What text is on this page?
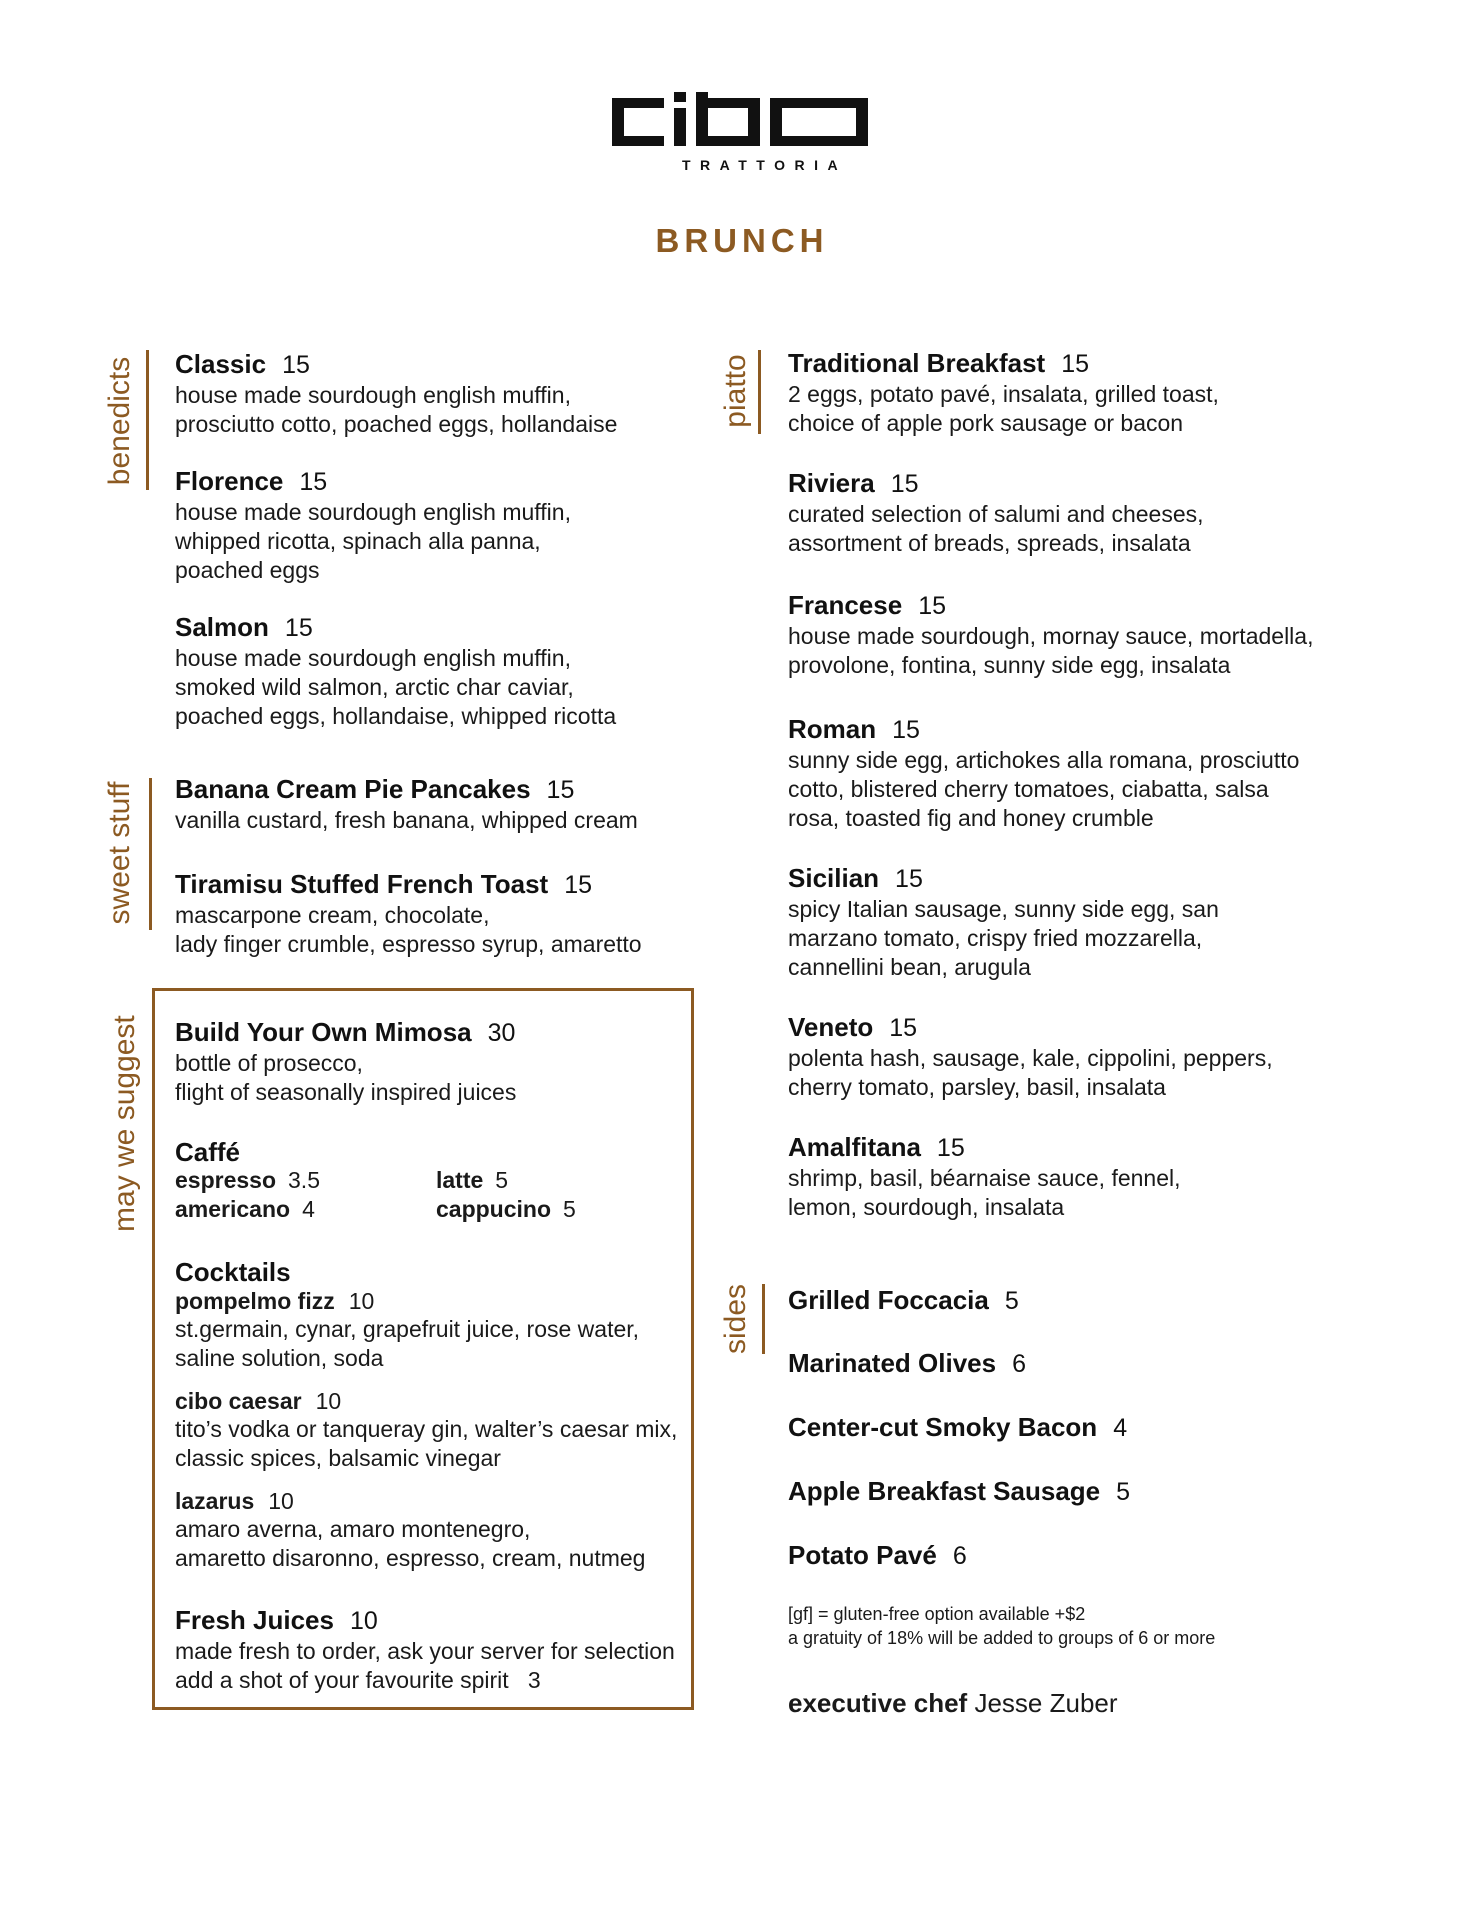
TRATTORIA
BRUNCH
benedicts Classic 15
house made sourdough english muffin,
prosciutto cotto, poached eggs, hollandaise
Florence 15
house made sourdough english muffin,
whipped ricotta, spinach alla panna,
poached eggs
Salmon 15
house made sourdough english muffin,
smoked wild salmon, arctic char caviar,
poached eggs, hollandaise, whipped ricotta
sweet stuff Banana Cream Pie Pancakes 15
vanilla custard, fresh banana, whipped cream
Tiramisu Stuffed French Toast 15
mascarpone cream, chocolate,
lady finger crumble, espresso syrup, amaretto
may we suggest Build Your Own Mimosa 30
bottle of prosecco,
flight of seasonally inspired juices
Caffé
espresso 3.5	latte 5
americano 4	cappucino 5
Cocktails
pompelmo fizz 10
st.germain, cynar, grapefruit juice, rose water,
saline solution, soda
cibo caesar 10
tito’s vodka or tanqueray gin, walter’s caesar mix,
classic spices, balsamic vinegar
lazarus 10
amaro averna, amaro montenegro,
amaretto disaronno, espresso, cream, nutmeg
Fresh Juices 10
made fresh to order, ask your server for selection
add a shot of your favourite spirit   3
piatto Traditional Breakfast 15
2 eggs, potato pavé, insalata, grilled toast,
choice of apple pork sausage or bacon
Riviera 15
curated selection of salumi and cheeses,
assortment of breads, spreads, insalata
Francese 15
house made sourdough, mornay sauce, mortadella,
provolone, fontina, sunny side egg, insalata
Roman 15
sunny side egg, artichokes alla romana, prosciutto
cotto, blistered cherry tomatoes, ciabatta, salsa
rosa, toasted fig and honey crumble
Sicilian 15
spicy Italian sausage, sunny side egg, san
marzano tomato, crispy fried mozzarella,
cannellini bean, arugula
Veneto 15
polenta hash, sausage, kale, cippolini, peppers,
cherry tomato, parsley, basil, insalata
Amalfitana 15
shrimp, basil, béarnaise sauce, fennel,
lemon, sourdough, insalata
sides Grilled Foccacia 5
Marinated Olives 6
Center-cut Smoky Bacon 4
Apple Breakfast Sausage 5
Potato Pavé 6
[gf] = gluten-free option available +$2
a gratuity of 18% will be added to groups of 6 or more
executive chef Jesse Zuber
